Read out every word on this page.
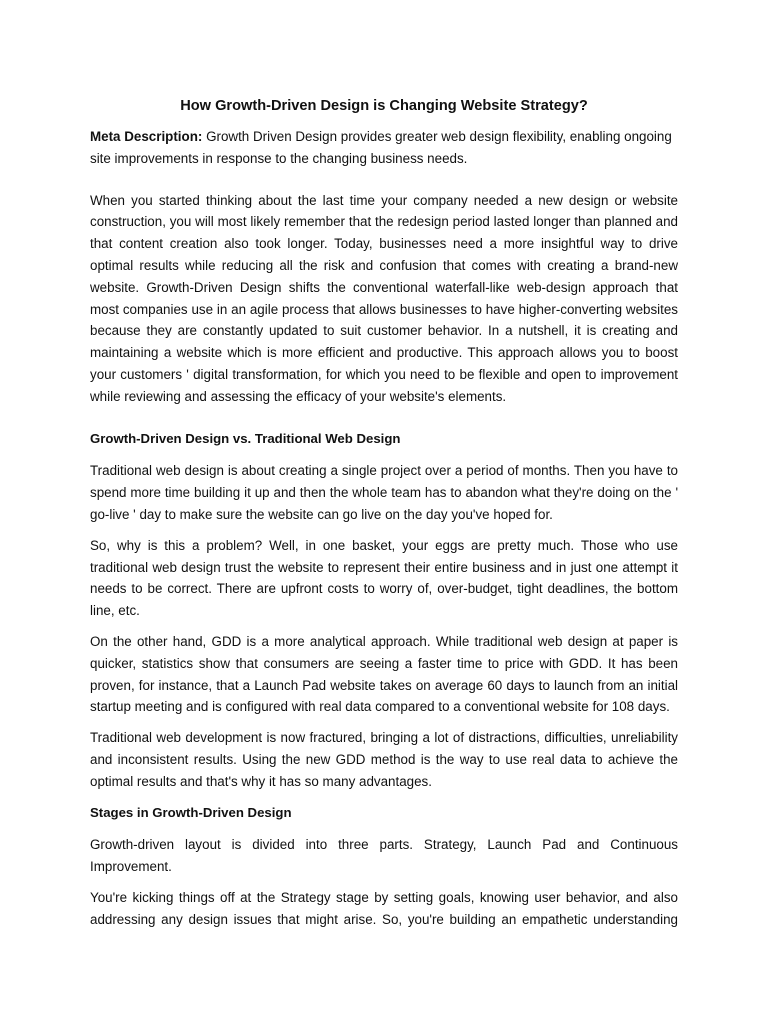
How Growth-Driven Design is Changing Website Strategy?
Meta Description: Growth Driven Design provides greater web design flexibility, enabling ongoing site improvements in response to the changing business needs.
When you started thinking about the last time your company needed a new design or website construction, you will most likely remember that the redesign period lasted longer than planned and that content creation also took longer. Today, businesses need a more insightful way to drive optimal results while reducing all the risk and confusion that comes with creating a brand-new website. Growth-Driven Design shifts the conventional waterfall-like web-design approach that most companies use in an agile process that allows businesses to have higher-converting websites because they are constantly updated to suit customer behavior. In a nutshell, it is creating and maintaining a website which is more efficient and productive. This approach allows you to boost your customers ' digital transformation, for which you need to be flexible and open to improvement while reviewing and assessing the efficacy of your website's elements.
Growth-Driven Design vs. Traditional Web Design
Traditional web design is about creating a single project over a period of months. Then you have to spend more time building it up and then the whole team has to abandon what they're doing on the ' go-live ' day to make sure the website can go live on the day you've hoped for.
So, why is this a problem? Well, in one basket, your eggs are pretty much. Those who use traditional web design trust the website to represent their entire business and in just one attempt it needs to be correct. There are upfront costs to worry of, over-budget, tight deadlines, the bottom line, etc.
On the other hand, GDD is a more analytical approach. While traditional web design at paper is quicker, statistics show that consumers are seeing a faster time to price with GDD. It has been proven, for instance, that a Launch Pad website takes on average 60 days to launch from an initial startup meeting and is configured with real data compared to a conventional website for 108 days.
Traditional web development is now fractured, bringing a lot of distractions, difficulties, unreliability and inconsistent results. Using the new GDD method is the way to use real data to achieve the optimal results and that's why it has so many advantages.
Stages in Growth-Driven Design
Growth-driven layout is divided into three parts. Strategy, Launch Pad and Continuous Improvement.
You're kicking things off at the Strategy stage by setting goals, knowing user behavior, and also addressing any design issues that might arise. So, you're building an empathetic understanding
